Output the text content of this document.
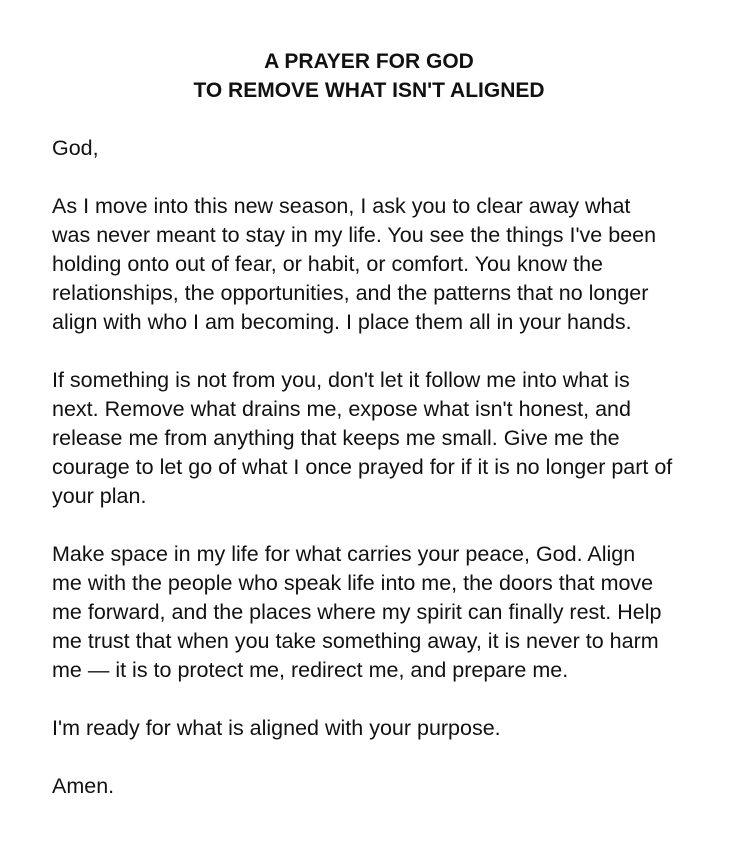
A PRAYER FOR GOD
TO REMOVE WHAT ISN'T ALIGNED

God,

As I move into this new season, I ask you to clear away what
was never meant to stay in my life. You see the things I've been
holding onto out of fear, or habit, or comfort. You know the
relationships, the opportunities, and the patterns that no longer
align with who I am becoming. I place them all in your hands.

If something is not from you, don't let it follow me into what is
next. Remove what drains me, expose what isn't honest, and
release me from anything that keeps me small. Give me the
courage to let go of what I once prayed for if it is no longer part of
your plan.

Make space in my life for what carries your peace, God. Align
me with the people who speak life into me, the doors that move
me forward, and the places where my spirit can finally rest. Help
me trust that when you take something away, it is never to harm
me — it is to protect me, redirect me, and prepare me.

I'm ready for what is aligned with your purpose.

Amen.
